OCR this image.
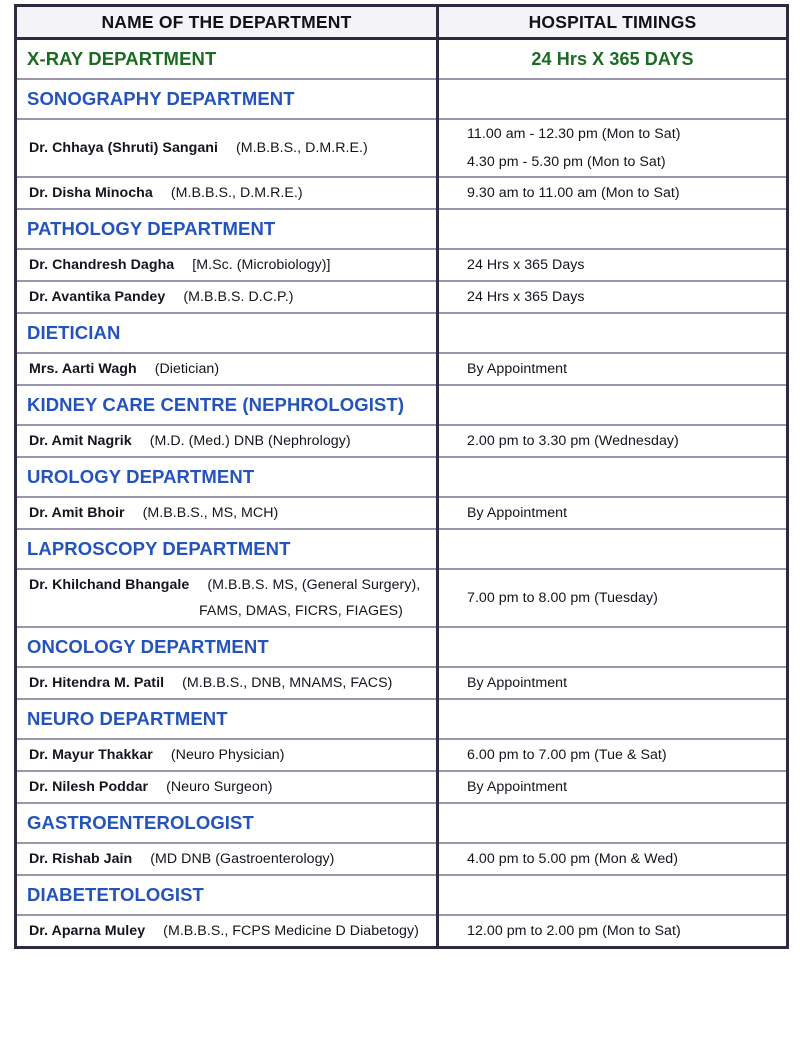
NAME OF THE DEPARTMENT	HOSPITAL TIMINGS
X-RAY DEPARTMENT	24 Hrs X 365 DAYS
SONOGRAPHY DEPARTMENT	
Dr. Chhaya (Shruti) Sangani (M.B.B.S., D.M.R.E.)	11.00 am - 12.30 pm (Mon to Sat)
4.30 pm - 5.30 pm (Mon to Sat)

Dr. Disha Minocha (M.B.B.S., D.M.R.E.)	9.30 am to 11.00 am (Mon to Sat)
PATHOLOGY DEPARTMENT	
Dr. Chandresh Dagha [M.Sc. (Microbiology)]	24 Hrs x 365 Days
Dr. Avantika Pandey (M.B.B.S. D.C.P.)	24 Hrs x 365 Days
DIETICIAN	
Mrs. Aarti Wagh (Dietician)	By Appointment
KIDNEY CARE CENTRE (NEPHROLOGIST)	
Dr. Amit Nagrik (M.D. (Med.) DNB (Nephrology)	2.00 pm to 3.30 pm (Wednesday)
UROLOGY DEPARTMENT	
Dr. Amit Bhoir (M.B.B.S., MS, MCH)	By Appointment
LAPROSCOPY DEPARTMENT	
Dr. Khilchand Bhangale (M.B.B.S. MS, (General Surgery),
FAMS, DMAS, FICRS, FIAGES)	7.00 pm to 8.00 pm (Tuesday)
ONCOLOGY DEPARTMENT	
Dr. Hitendra M. Patil (M.B.B.S., DNB, MNAMS, FACS)	By Appointment
NEURO DEPARTMENT	
Dr. Mayur Thakkar (Neuro Physician)	6.00 pm to 7.00 pm (Tue & Sat)
Dr. Nilesh Poddar (Neuro Surgeon)	By Appointment
GASTROENTEROLOGIST	
Dr. Rishab Jain (MD DNB (Gastroenterology)	4.00 pm to 5.00 pm (Mon & Wed)
DIABETETOLOGIST	
Dr. Aparna Muley (M.B.B.S., FCPS Medicine D Diabetogy)	12.00 pm to 2.00 pm (Mon to Sat)
